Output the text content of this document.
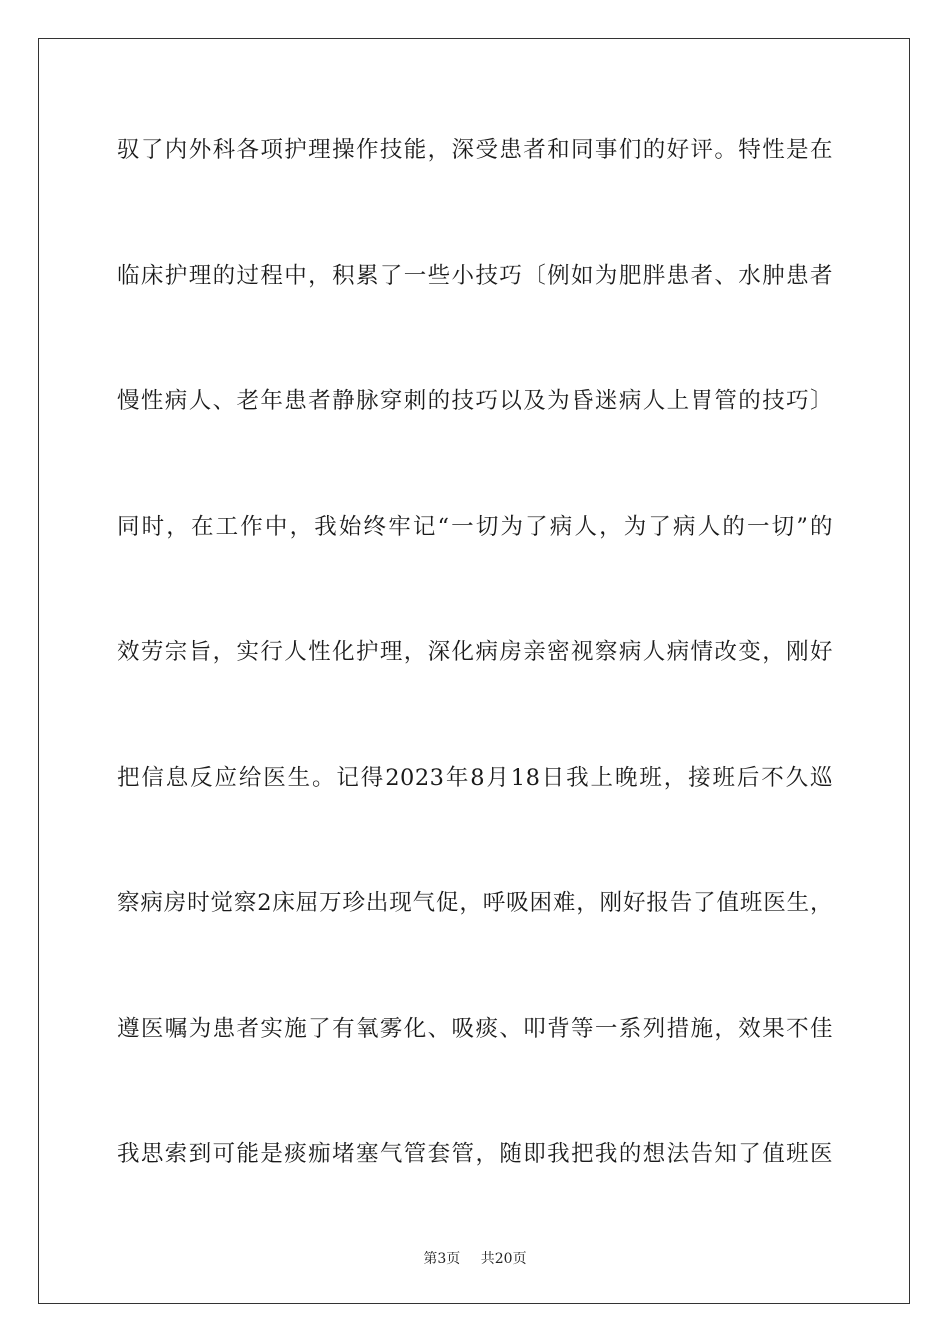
驭了内外科各项护理操作技能，深受患者和同事们的好评。特性是在
临床护理的过程中，积累了一些小技巧〔例如为肥胖患者、水肿患者
慢性病人、老年患者静脉穿刺的技巧以及为昏迷病人上胃管的技巧〕
同时，在工作中，我始终牢记“一切为了病人，为了病人的一切”的
效劳宗旨，实行人性化护理，深化病房亲密视察病人病情改变，刚好
把信息反应给医生。记得2023年8月18日我上晚班，接班后不久巡
察病房时觉察2床屈万珍出现气促，呼吸困难，刚好报告了值班医生，
遵医嘱为患者实施了有氧雾化、吸痰、叩背等一系列措施，效果不佳
我思索到可能是痰痂堵塞气管套管，随即我把我的想法告知了值班医
第3页 共20页
